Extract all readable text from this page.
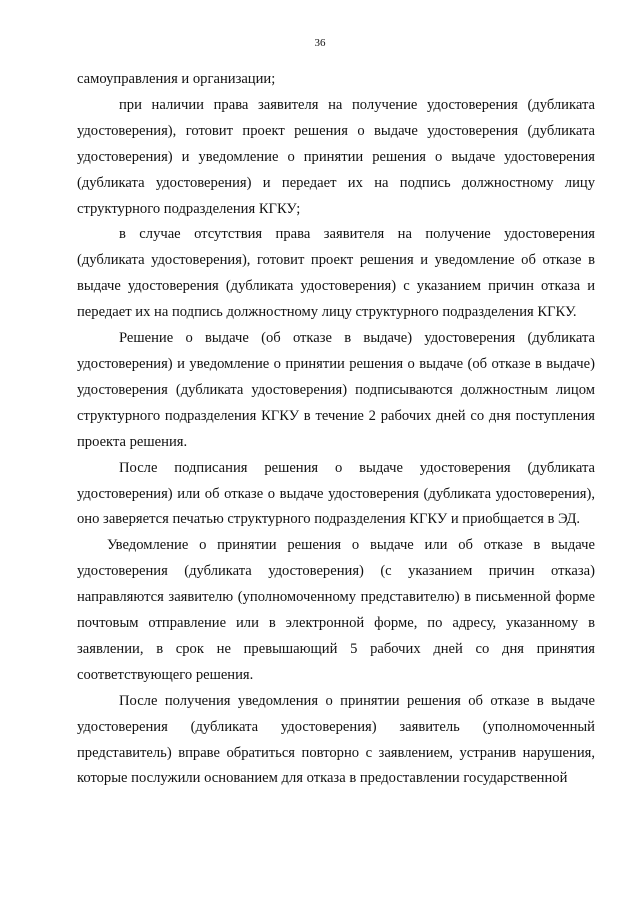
36

самоуправления и организации;

при наличии права заявителя на получение удостоверения (дубликата удостоверения), готовит проект решения о выдаче удостоверения (дубликата удостоверения) и уведомление о принятии решения о выдаче удостоверения (дубликата удостоверения) и передает их на подпись должностному лицу структурного подразделения КГКУ;

в случае отсутствия права заявителя на получение удостоверения (дубликата удостоверения), готовит проект решения и уведомление об отказе в выдаче удостоверения (дубликата удостоверения) с указанием причин отказа и передает их на подпись должностному лицу структурного подразделения КГКУ.

Решение о выдаче (об отказе в выдаче) удостоверения (дубликата удостоверения) и уведомление о принятии решения о выдаче (об отказе в выдаче) удостоверения (дубликата удостоверения) подписываются должностным лицом структурного подразделения КГКУ в течение 2 рабочих дней со дня поступления проекта решения.

После подписания решения о выдаче удостоверения (дубликата удостоверения) или об отказе о выдаче удостоверения (дубликата удостоверения), оно заверяется печатью структурного подразделения КГКУ и приобщается в ЭД.

Уведомление о принятии решения о выдаче или об отказе в выдаче удостоверения (дубликата удостоверения) (с указанием причин отказа) направляются заявителю (уполномоченному представителю) в письменной форме почтовым отправление или в электронной форме, по адресу, указанному в заявлении, в срок не превышающий 5 рабочих дней со дня принятия соответствующего решения.

После получения уведомления о принятии решения об отказе в выдаче удостоверения (дубликата удостоверения) заявитель (уполномоченный представитель) вправе обратиться повторно с заявлением, устранив нарушения, которые послужили основанием для отказа в предоставлении государственной
